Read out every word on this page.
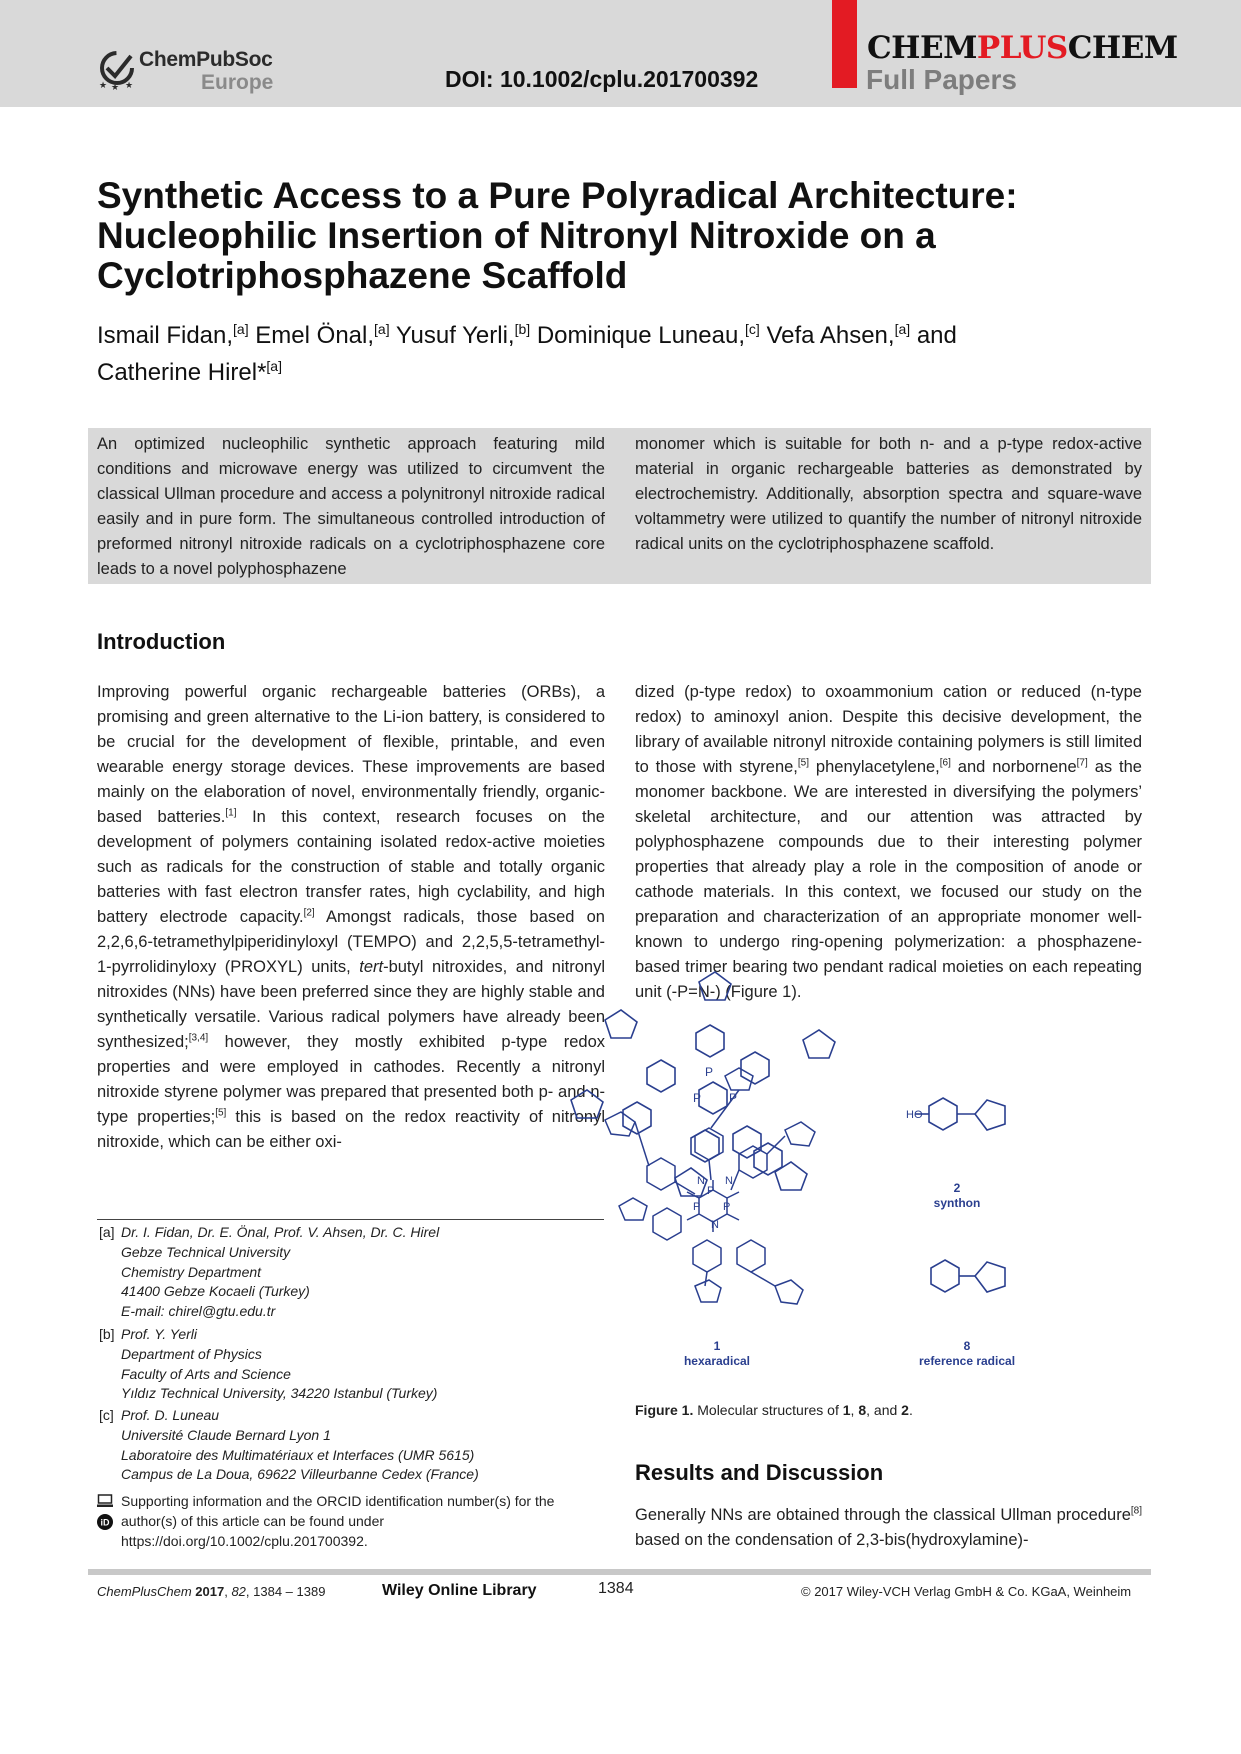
★ ★ ★
ChemPubSoc
Europe	DOI: 10.1002/cplu.201700392
CHEMPLUSCHEM
Full Papers
Synthetic Access to a Pure Polyradical Architecture: Nucleophilic Insertion of Nitronyl Nitroxide on a Cyclotriphosphazene Scaffold
Ismail Fidan,[a] Emel Önal,[a] Yusuf Yerli,[b] Dominique Luneau,[c] Vefa Ahsen,[a] and
Catherine Hirel*[a]
An optimized nucleophilic synthetic approach featuring mild conditions and microwave energy was utilized to circumvent the classical Ullman procedure and access a polynitronyl nitroxide radical easily and in pure form. The simultaneous controlled introduction of preformed nitronyl nitroxide radicals on a cyclotriphosphazene core leads to a novel polyphosphazene
monomer which is suitable for both n- and a p-type redox-active material in organic rechargeable batteries as demonstrated by electrochemistry. Additionally, absorption spectra and square-wave voltammetry were utilized to quantify the number of nitronyl nitroxide radical units on the cyclotriphosphazene scaffold.
Introduction

Improving powerful organic rechargeable batteries (ORBs), a promising and green alternative to the Li-ion battery, is considered to be crucial for the development of flexible, printable, and even wearable energy storage devices. These improvements are based mainly on the elaboration of novel, environmentally friendly, organic-based batteries.[1] In this context, research focuses on the development of polymers containing isolated redox-active moieties such as radicals for the construction of stable and totally organic batteries with fast electron transfer rates, high cyclability, and high battery electrode capacity.[2] Amongst radicals, those based on 2,2,6,6-tetramethylpiperidinyloxyl (TEMPO) and 2,2,5,5-tetramethyl-1-pyrrolidinyloxy (PROXYL) units, tert-butyl nitroxides, and nitronyl nitroxides (NNs) have been preferred since they are highly stable and synthetically versatile. Various radical polymers have already been synthesized;[3,4] however, they mostly exhibited p-type redox properties and were employed in cathodes. Recently a nitronyl nitroxide styrene polymer was prepared that presented both p- and n-type properties;[5] this is based on the redox reactivity of nitronyl nitroxide, which can be either oxi-

dized (p-type redox) to oxoammonium cation or reduced (n-type redox) to aminoxyl anion. Despite this decisive development, the library of available nitronyl nitroxide containing polymers is still limited to those with styrene,[5] phenylacetylene,[6] and norbornene[7] as the monomer backbone. We are interested in diversifying the polymers’ skeletal architecture, and our attention was attracted by polyphosphazene compounds due to their interesting polymer properties that already play a role in the composition of anode or cathode materials. In this context, we focused our study on the preparation and characterization of an appropriate monomer well-known to undergo ring-opening polymerization: a phosphazene-based trimer bearing two pendant radical moieties on each repeating unit (-P=N-) (Figure 1).

[a] Dr. I. Fidan, Dr. E. Önal, Prof. V. Ahsen, Dr. C. Hirel
Gebze Technical University
Chemistry Department
41400 Gebze Kocaeli (Turkey)
E-mail: chirel@gtu.edu.tr
[b] Prof. Y. Yerli
Department of Physics
Faculty of Arts and Science
Yıldız Technical University, 34220 Istanbul (Turkey)
[c] Prof. D. Luneau
Université Claude Bernard Lyon 1
Laboratoire des Multimatériaux et Interfaces (UMR 5615)
Campus de La Doua, 69622 Villeurbanne Cedex (France)
iD
Supporting information and the ORCID identification number(s) for the author(s) of this article can be found under https://doi.org/10.1002/cplu.201700392.
P
P P
HO
P
P P
N N
N
1
hexaradical
2
synthon
8
reference radical
Figure 1. Molecular structures of 1, 8, and 2.
Results and Discussion

Generally NNs are obtained through the classical Ullman procedure[8] based on the condensation of 2,3-bis(hydroxylamine)-

ChemPlusChem 2017, 82, 1384 – 1389	Wiley Online Library	1384	© 2017 Wiley-VCH Verlag GmbH & Co. KGaA, Weinheim
